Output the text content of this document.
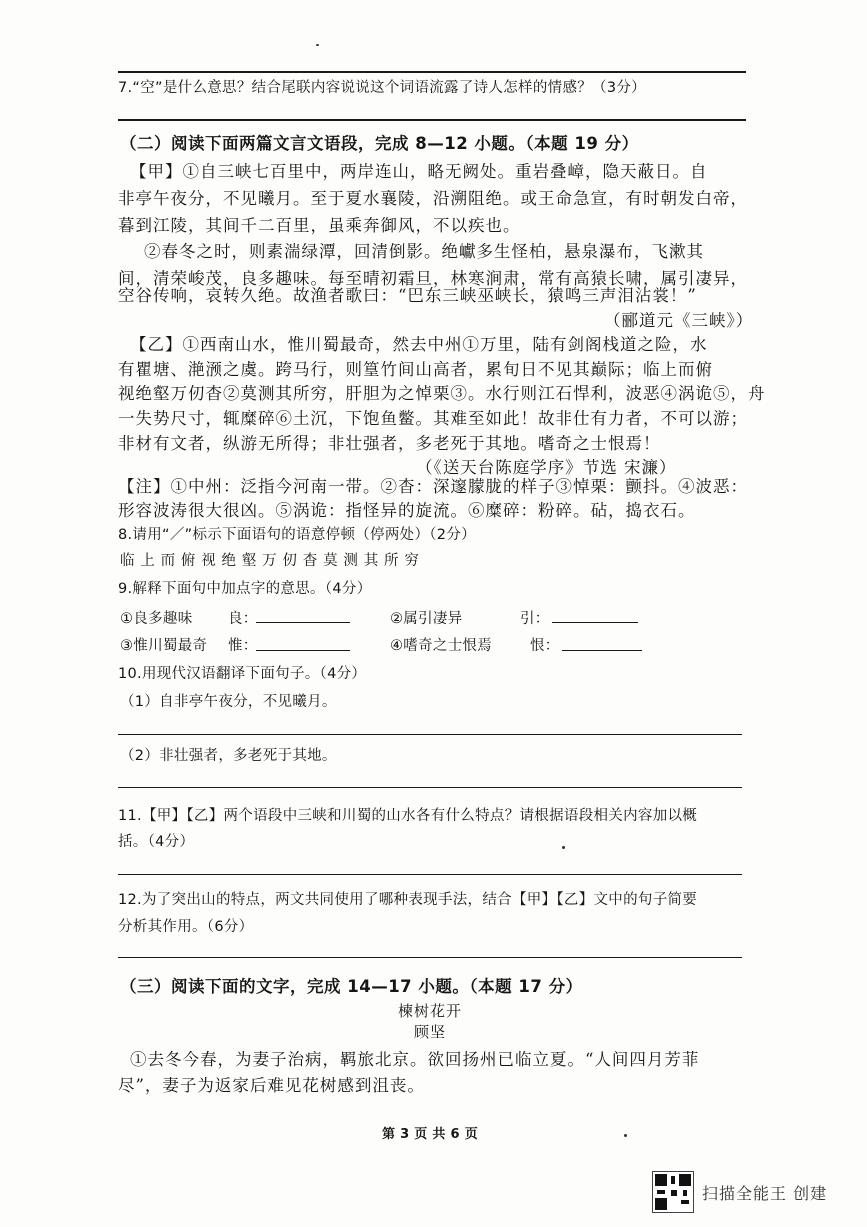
7.“空”是什么意思？结合尾联内容说说这个词语流露了诗人怎样的情感？（3分）
（二）阅读下面两篇文言文语段，完成 8—12 小题。（本题 19 分）
【甲】①自三峡七百里中，两岸连山，略无阙处。重岩叠嶂，隐天蔽日。自
非亭午夜分，不见曦月。至于夏水襄陵，沿溯阻绝。或王命急宣，有时朝发白帝，
暮到江陵，其间千二百里，虽乘奔御风，不以疾也。
②春冬之时，则素湍绿潭，回清倒影。绝巘多生怪柏，悬泉瀑布，飞漱其
间，清荣峻茂，良多趣味。每至晴初霜旦，林寒涧肃，常有高猿长啸，属引凄异，
空谷传响，哀转久绝。故渔者歌曰：“巴东三峡巫峡长，猿鸣三声泪沾裳！”
（郦道元《三峡》）
【乙】①西南山水，惟川蜀最奇，然去中州①万里，陆有剑阁栈道之险，水
有瞿塘、滟滪之虞。跨马行，则篁竹间山高者，累旬日不见其巅际；临上而俯
视绝壑万仞杳②莫测其所穷，肝胆为之悼栗③。水行则江石悍利，波恶④涡诡⑤，舟
一失势尺寸，辄糜碎⑥土沉，下饱鱼鳖。其难至如此！故非仕有力者，不可以游；
非材有文者，纵游无所得；非壮强者，多老死于其地。嗜奇之士恨焉！
（《送天台陈庭学序》节选 宋濂）
【注】①中州：泛指今河南一带。②杳：深邃朦胧的样子③悼栗：颤抖。④波恶：
形容波涛很大很凶。⑤涡诡：指怪异的旋流。⑥糜碎：粉碎。砧，捣衣石。
8.请用“／”标示下面语句的语意停顿（停两处）（2分）
临 上 而 俯 视 绝 壑 万 仞 杳 莫 测 其 所 穷
9.解释下面句中加点字的意思。（4分）
①良多趣味 良：	②属引凄异	引：
③惟川蜀最奇 惟：	④嗜奇之士恨焉	恨：
10.用现代汉语翻译下面句子。（4分）
（1）自非亭午夜分，不见曦月。
（2）非壮强者，多老死于其地。
11.【甲】【乙】两个语段中三峡和川蜀的山水各有什么特点？请根据语段相关内容加以概
括。（4分）
12.为了突出山的特点，两文共同使用了哪种表现手法，结合【甲】【乙】文中的句子简要
分析其作用。（6分）
（三）阅读下面的文字，完成 14—17 小题。（本题 17 分）
楝树花开
顾坚
①去冬今春，为妻子治病，羁旅北京。欲回扬州已临立夏。“人间四月芳菲
尽”，妻子为返家后难见花树感到沮丧。
第 3 页 共 6 页
扫描全能王 创建
